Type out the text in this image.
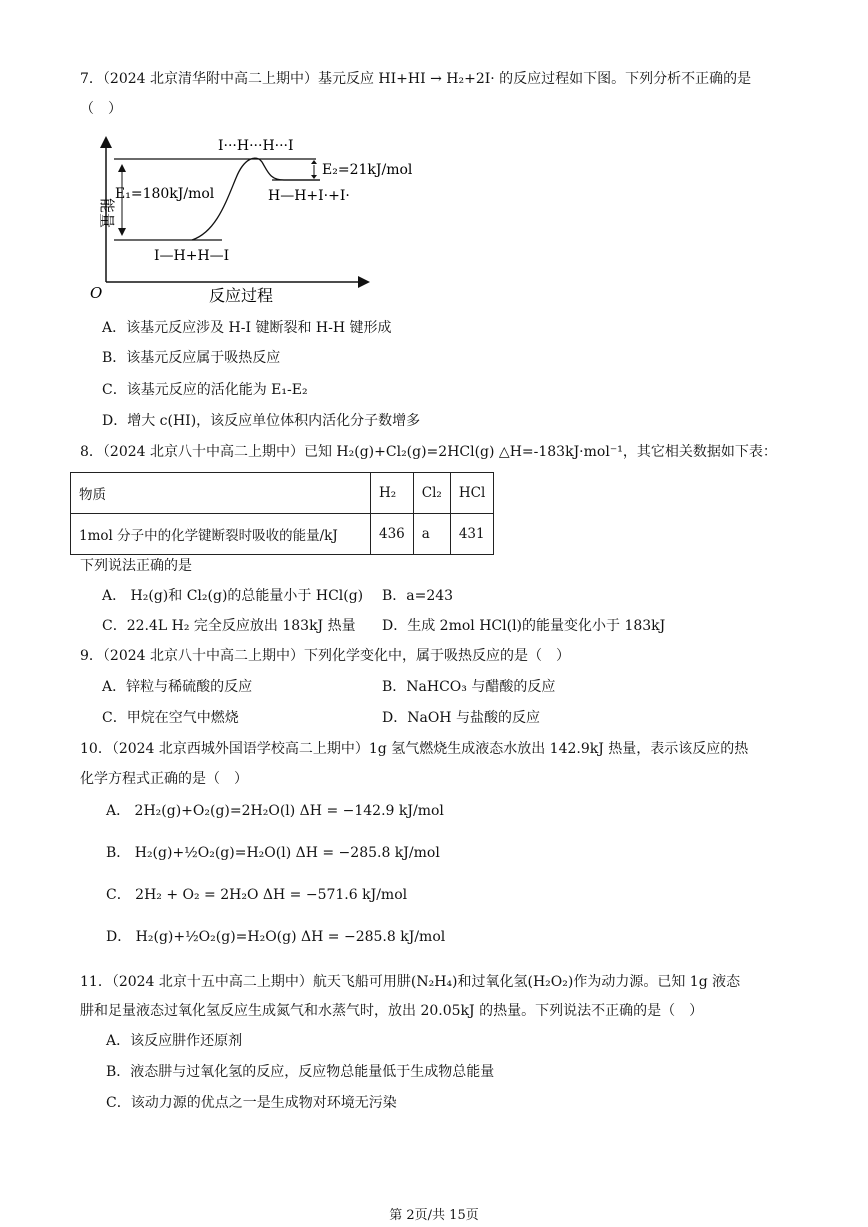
7．（2024 北京清华附中高二上期中）基元反应 HI+HI → H₂+2I· 的反应过程如下图。下列分析不正确的是
（　）
I···H···H···I
E₂=21kJ/mol
E₁=180kJ/mol	H—H+I·+I·
I—H+H—I
O	反应过程
能量
A．该基元反应涉及 H-I 键断裂和 H-H 键形成
B．该基元反应属于吸热反应
C．该基元反应的活化能为 E₁-E₂
D．增大 c(HI)，该反应单位体积内活化分子数增多
8．（2024 北京八十中高二上期中）已知 H₂(g)+Cl₂(g)=2HCl(g) △H=-183kJ·mol⁻¹，其它相关数据如下表：
物质	H₂	Cl₂	HCl
1mol 分子中的化学键断裂时吸收的能量/kJ	436	a	431
下列说法正确的是
A． H₂(g)和 Cl₂(g)的总能量小于 HCl(g) B．a=243
C．22.4L H₂ 完全反应放出 183kJ 热量 D．生成 2mol HCl(l)的能量变化小于 183kJ
9．（2024 北京八十中高二上期中）下列化学变化中，属于吸热反应的是（　）
A．锌粒与稀硫酸的反应	B．NaHCO₃ 与醋酸的反应
C．甲烷在空气中燃烧	D．NaOH 与盐酸的反应
10．（2024 北京西城外国语学校高二上期中）1g 氢气燃烧生成液态水放出 142.9kJ 热量，表示该反应的热
化学方程式正确的是（　）
A． 2H₂(g)+O₂(g)=2H₂O(l) ΔH = −142.9 kJ/mol
B． H₂(g)+½O₂(g)=H₂O(l) ΔH = −285.8 kJ/mol
C． 2H₂ + O₂ = 2H₂O ΔH = −571.6 kJ/mol
D． H₂(g)+½O₂(g)=H₂O(g) ΔH = −285.8 kJ/mol
11．（2024 北京十五中高二上期中）航天飞船可用肼(N₂H₄)和过氧化氢(H₂O₂)作为动力源。已知 1g 液态
肼和足量液态过氧化氢反应生成氮气和水蒸气时，放出 20.05kJ 的热量。下列说法不正确的是（　）
A．该反应肼作还原剂
B．液态肼与过氧化氢的反应，反应物总能量低于生成物总能量
C．该动力源的优点之一是生成物对环境无污染
第 2页/共 15页
